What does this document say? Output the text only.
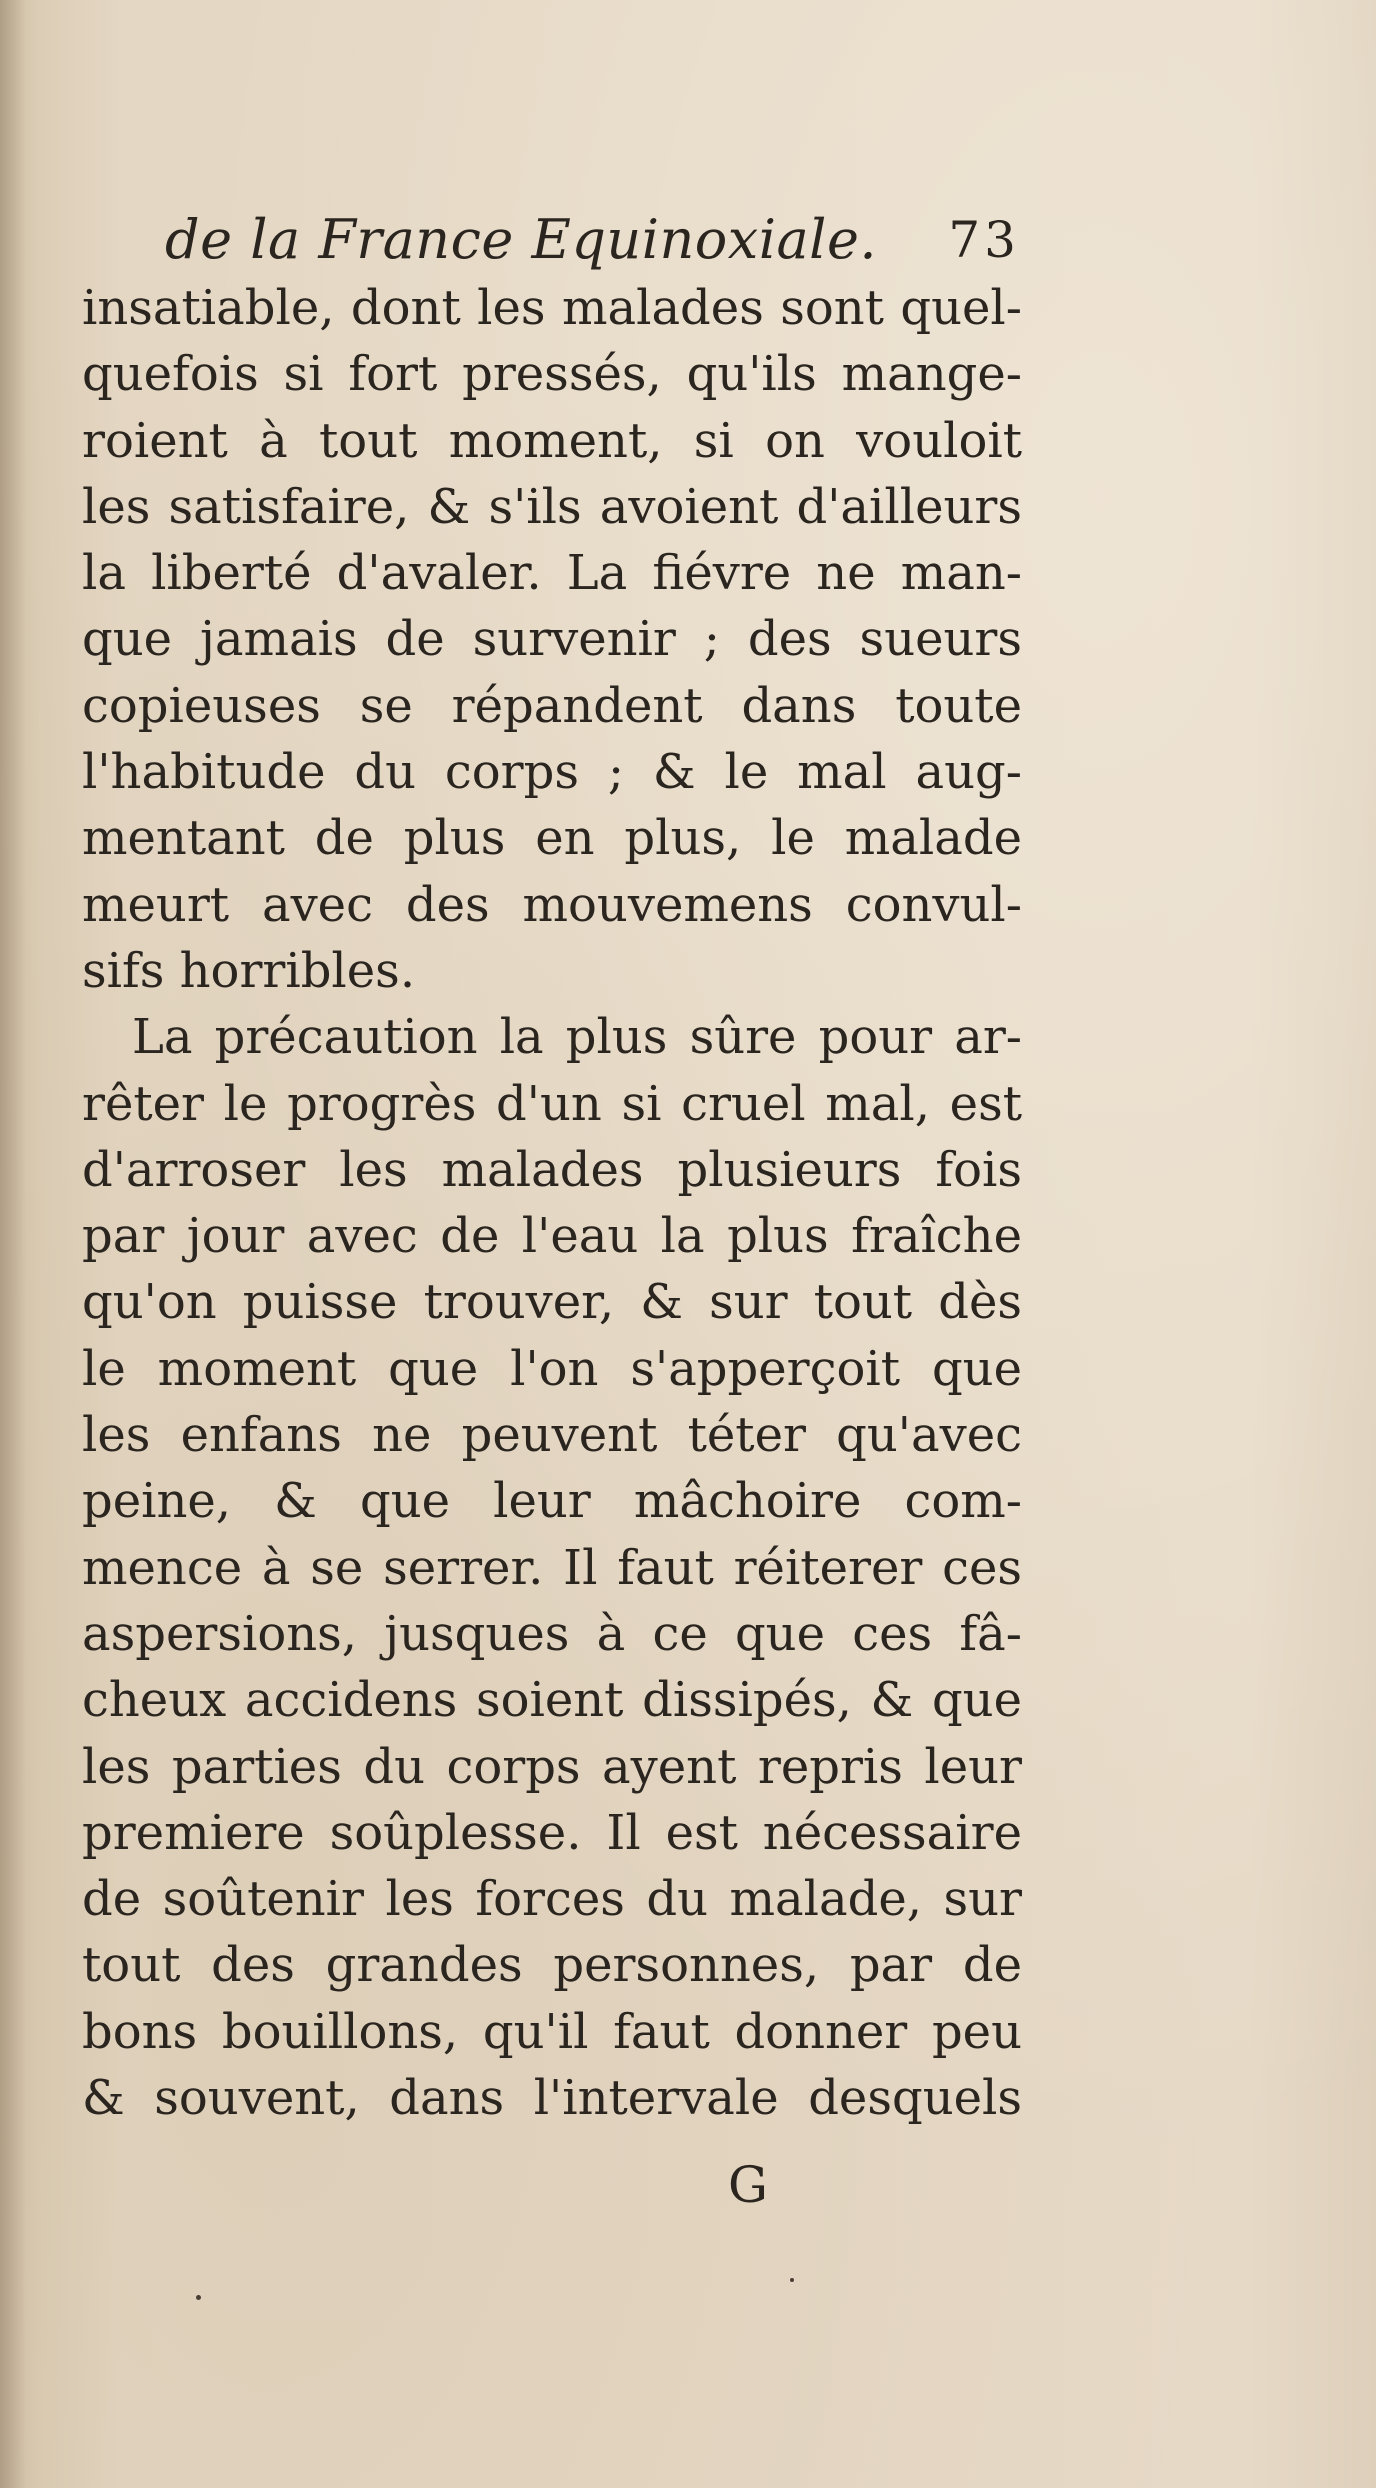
de la France Equinoxiale. 73
insatiable, dont les malades sont quel-
quefois si fort pressés, qu'ils mange-
roient à tout moment, si on vouloit
les satisfaire, & s'ils avoient d'ailleurs
la liberté d'avaler. La fiévre ne man-
que jamais de survenir ; des sueurs
copieuses se répandent dans toute
l'habitude du corps ; & le mal aug-
mentant de plus en plus, le malade
meurt avec des mouvemens convul-
sifs horribles.
La précaution la plus sûre pour ar-
rêter le progrès d'un si cruel mal, est
d'arroser les malades plusieurs fois
par jour avec de l'eau la plus fraîche
qu'on puisse trouver, & sur tout dès
le moment que l'on s'apperçoit que
les enfans ne peuvent téter qu'avec
peine, & que leur mâchoire com-
mence à se serrer. Il faut réiterer ces
aspersions, jusques à ce que ces fâ-
cheux accidens soient dissipés, & que
les parties du corps ayent repris leur
premiere soûplesse. Il est nécessaire
de soûtenir les forces du malade, sur
tout des grandes personnes, par de
bons bouillons, qu'il faut donner peu
& souvent, dans l'intervale desquels
G
